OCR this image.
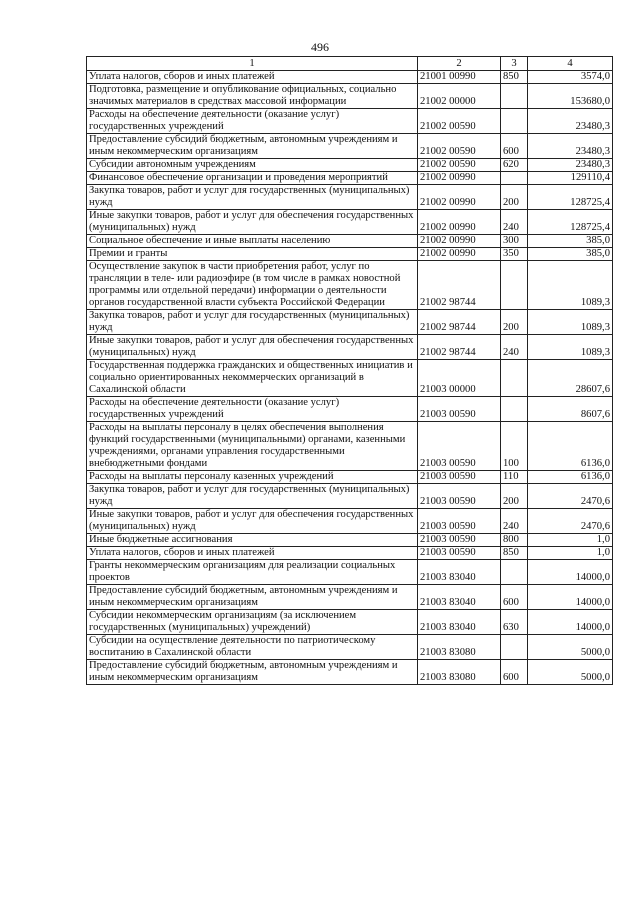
496
1	2	3	4
Уплата налогов, сборов и иных платежей	21001 00990	850	3574,0
Подготовка, размещение и опубликование официальных, социально значимых материалов в средствах массовой информации	21002 00000		153680,0
Расходы на обеспечение деятельности (оказание услуг) государственных учреждений	21002 00590		23480,3
Предоставление субсидий бюджетным, автономным учреждениям и иным некоммерческим организациям	21002 00590	600	23480,3
Субсидии автономным учреждениям	21002 00590	620	23480,3
Финансовое обеспечение организации и проведения мероприятий	21002 00990		129110,4
Закупка товаров, работ и услуг для государственных (муниципальных) нужд	21002 00990	200	128725,4
Иные закупки товаров, работ и услуг для обеспечения государственных (муниципальных) нужд	21002 00990	240	128725,4
Социальное обеспечение и иные выплаты населению	21002 00990	300	385,0
Премии и гранты	21002 00990	350	385,0
Осуществление закупок в части приобретения работ, услуг по трансляции в теле- или радиоэфире (в том числе в рамках новостной программы или отдельной передачи) информации о деятельности органов государственной власти субъекта Российской Федерации	21002 98744		1089,3
Закупка товаров, работ и услуг для государственных (муниципальных) нужд	21002 98744	200	1089,3
Иные закупки товаров, работ и услуг для обеспечения государственных (муниципальных) нужд	21002 98744	240	1089,3
Государственная поддержка гражданских и общественных инициатив и социально ориентированных некоммерческих организаций в Сахалинской области	21003 00000		28607,6
Расходы на обеспечение деятельности (оказание услуг) государственных учреждений	21003 00590		8607,6
Расходы на выплаты персоналу в целях обеспечения выполнения функций государственными (муниципальными) органами, казенными учреждениями, органами управления государственными внебюджетными фондами	21003 00590	100	6136,0
Расходы на выплаты персоналу казенных учреждений	21003 00590	110	6136,0
Закупка товаров, работ и услуг для государственных (муниципальных) нужд	21003 00590	200	2470,6
Иные закупки товаров, работ и услуг для обеспечения государственных (муниципальных) нужд	21003 00590	240	2470,6
Иные бюджетные ассигнования	21003 00590	800	1,0
Уплата налогов, сборов и иных платежей	21003 00590	850	1,0
Гранты некоммерческим организациям для реализации социальных проектов	21003 83040		14000,0
Предоставление субсидий бюджетным, автономным учреждениям и иным некоммерческим организациям	21003 83040	600	14000,0
Субсидии некоммерческим организациям (за исключением государственных (муниципальных) учреждений)	21003 83040	630	14000,0
Субсидии на осуществление деятельности по патриотическому воспитанию в Сахалинской области	21003 83080		5000,0
Предоставление субсидий бюджетным, автономным учреждениям и иным некоммерческим организациям	21003 83080	600	5000,0
